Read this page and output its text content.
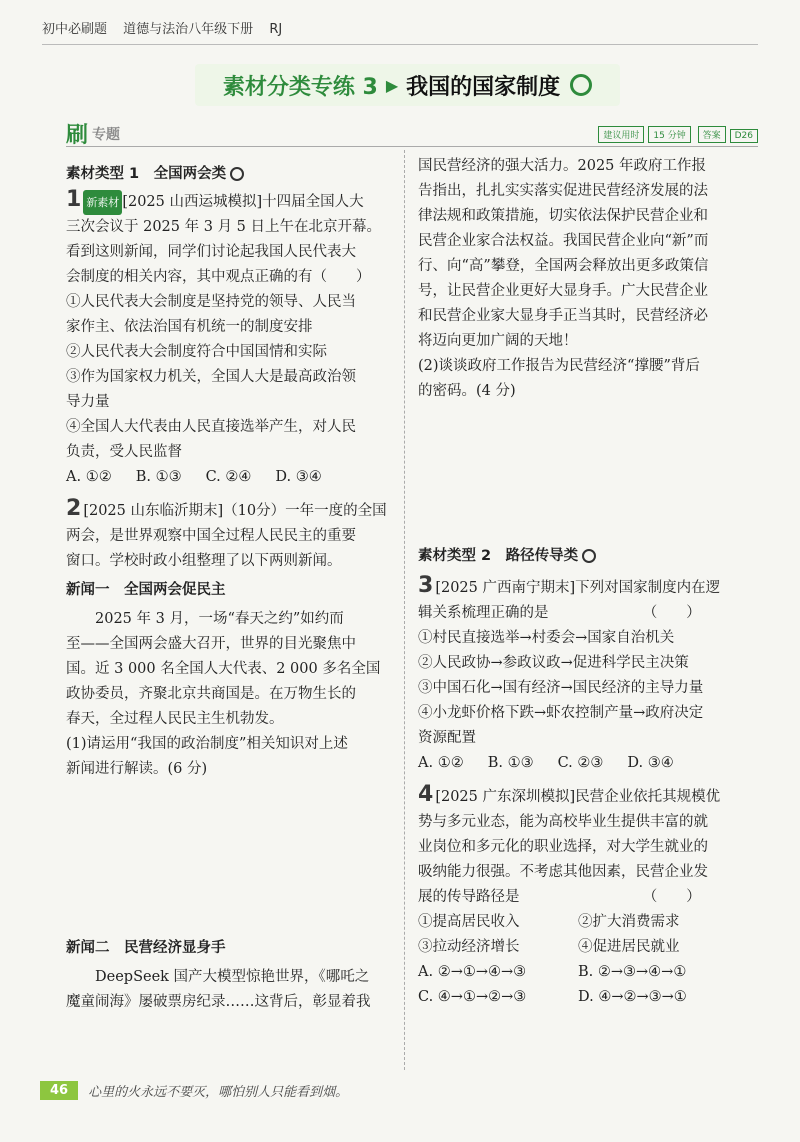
初中必刷题 道德与法治八年级下册 RJ
素材分类专练 3 ▶ 我国的国家制度
刷 专题	建议用时 15 分钟 答案 D26

素材类型 1　全国两会类

1 新素材 [2025 山西运城模拟]十四届全国人大

三次会议于 2025 年 3 月 5 日上午在北京开幕。

看到这则新闻，同学们讨论起我国人民代表大

会制度的相关内容，其中观点正确的有（　　）

①人民代表大会制度是坚持党的领导、人民当

家作主、依法治国有机统一的制度安排

②人民代表大会制度符合中国国情和实际

③作为国家权力机关，全国人大是最高政治领

导力量

④全国人大代表由人民直接选举产生，对人民

负责，受人民监督

A. ①② B. ①③ C. ②④ D. ③④

2 [2025 山东临沂期末]（10分）一年一度的全国

两会，是世界观察中国全过程人民民主的重要

窗口。学校时政小组整理了以下两则新闻。

新闻一　全国两会促民主

2025 年 3 月，一场“春天之约”如约而

至——全国两会盛大召开，世界的目光聚焦中

国。近 3 000 名全国人大代表、2 000 多名全国

政协委员，齐聚北京共商国是。在万物生长的

春天，全过程人民民主生机勃发。

(1)请运用“我国的政治制度”相关知识对上述

新闻进行解读。(6 分)

新闻二　民营经济显身手

DeepSeek 国产大模型惊艳世界，《哪吒之

魔童闹海》屡破票房纪录……这背后，彰显着我

国民营经济的强大活力。2025 年政府工作报

告指出，扎扎实实落实促进民营经济发展的法

律法规和政策措施，切实依法保护民营企业和

民营企业家合法权益。我国民营企业向“新”而

行、向“高”攀登，全国两会释放出更多政策信

号，让民营企业更好大显身手。广大民营企业

和民营企业家大显身手正当其时，民营经济必

将迈向更加广阔的天地！

(2)谈谈政府工作报告为民营经济“撑腰”背后

的密码。(4 分)

素材类型 2　路径传导类

3 [2025 广西南宁期末]下列对国家制度内在逻

辑关系梳理正确的是　　　　　　　（　　）

①村民直接选举→村委会→国家自治机关

②人民政协→参政议政→促进科学民主决策

③中国石化→国有经济→国民经济的主导力量

④小龙虾价格下跌→虾农控制产量→政府决定

资源配置

A. ①② B. ①③ C. ②③ D. ③④

4 [2025 广东深圳模拟]民营企业依托其规模优

势与多元业态，能为高校毕业生提供丰富的就

业岗位和多元化的职业选择，对大学生就业的

吸纳能力很强。不考虑其他因素，民营企业发

展的传导路径是　　　　　　　　　（　　）

①提高居民收入	②扩大消费需求
③拉动经济增长	④促进居民就业
A. ②→①→④→③	B. ②→③→④→①
C. ④→①→②→③	D. ④→②→③→①
46	心里的火永远不要灭，哪怕别人只能看到烟。
